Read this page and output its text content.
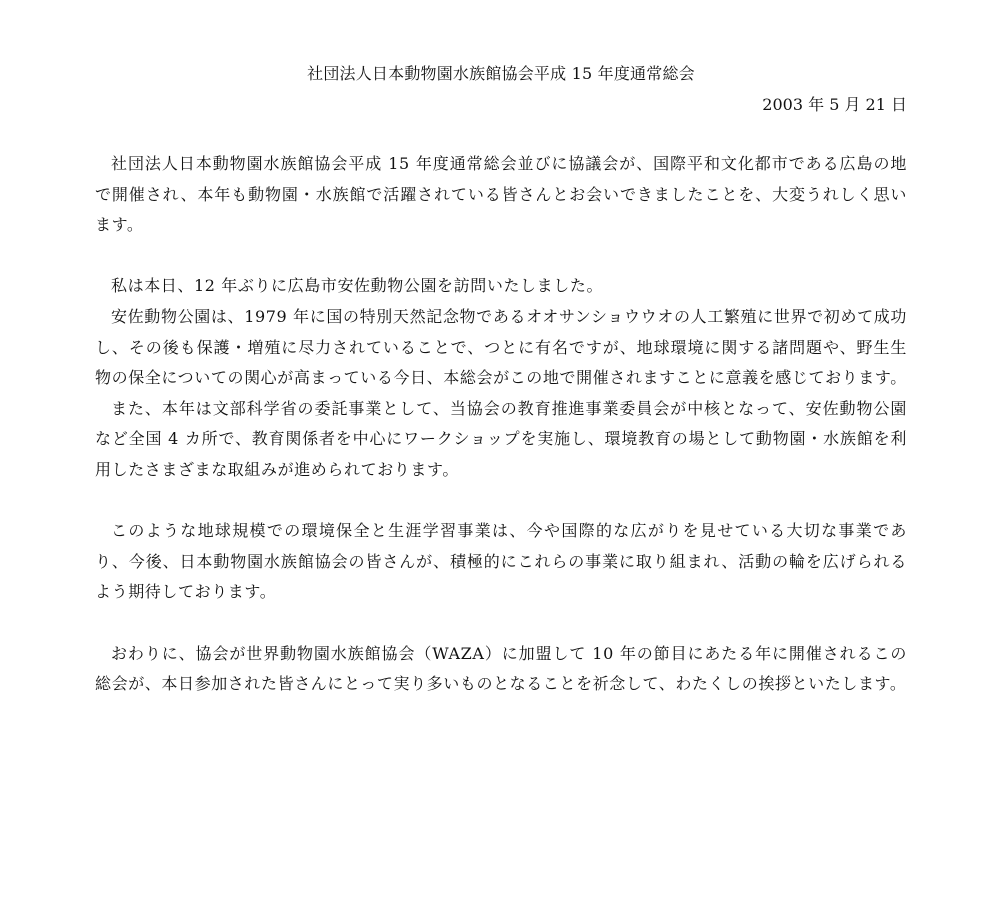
社団法人日本動物園水族館協会平成 15 年度通常総会
2003 年 5 月 21 日

社団法人日本動物園水族館協会平成 15 年度通常総会並びに協議会が、国際平和文化都市である広島の地で開催され、本年も動物園・水族館で活躍されている皆さんとお会いできましたことを、大変うれしく思います。

私は本日、12 年ぶりに広島市安佐動物公園を訪問いたしました。

安佐動物公園は、1979 年に国の特別天然記念物であるオオサンショウウオの人工繁殖に世界で初めて成功し、その後も保護・増殖に尽力されていることで、つとに有名ですが、地球環境に関する諸問題や、野生生物の保全についての関心が高まっている今日、本総会がこの地で開催されますことに意義を感じております。

また、本年は文部科学省の委託事業として、当協会の教育推進事業委員会が中核となって、安佐動物公園など全国 4 カ所で、教育関係者を中心にワークショップを実施し、環境教育の場として動物園・水族館を利用したさまざまな取組みが進められております。

このような地球規模での環境保全と生涯学習事業は、今や国際的な広がりを見せている大切な事業であり、今後、日本動物園水族館協会の皆さんが、積極的にこれらの事業に取り組まれ、活動の輪を広げられるよう期待しております。

おわりに、協会が世界動物園水族館協会（WAZA）に加盟して 10 年の節目にあたる年に開催されるこの総会が、本日参加された皆さんにとって実り多いものとなることを祈念して、わたくしの挨拶といたします。
